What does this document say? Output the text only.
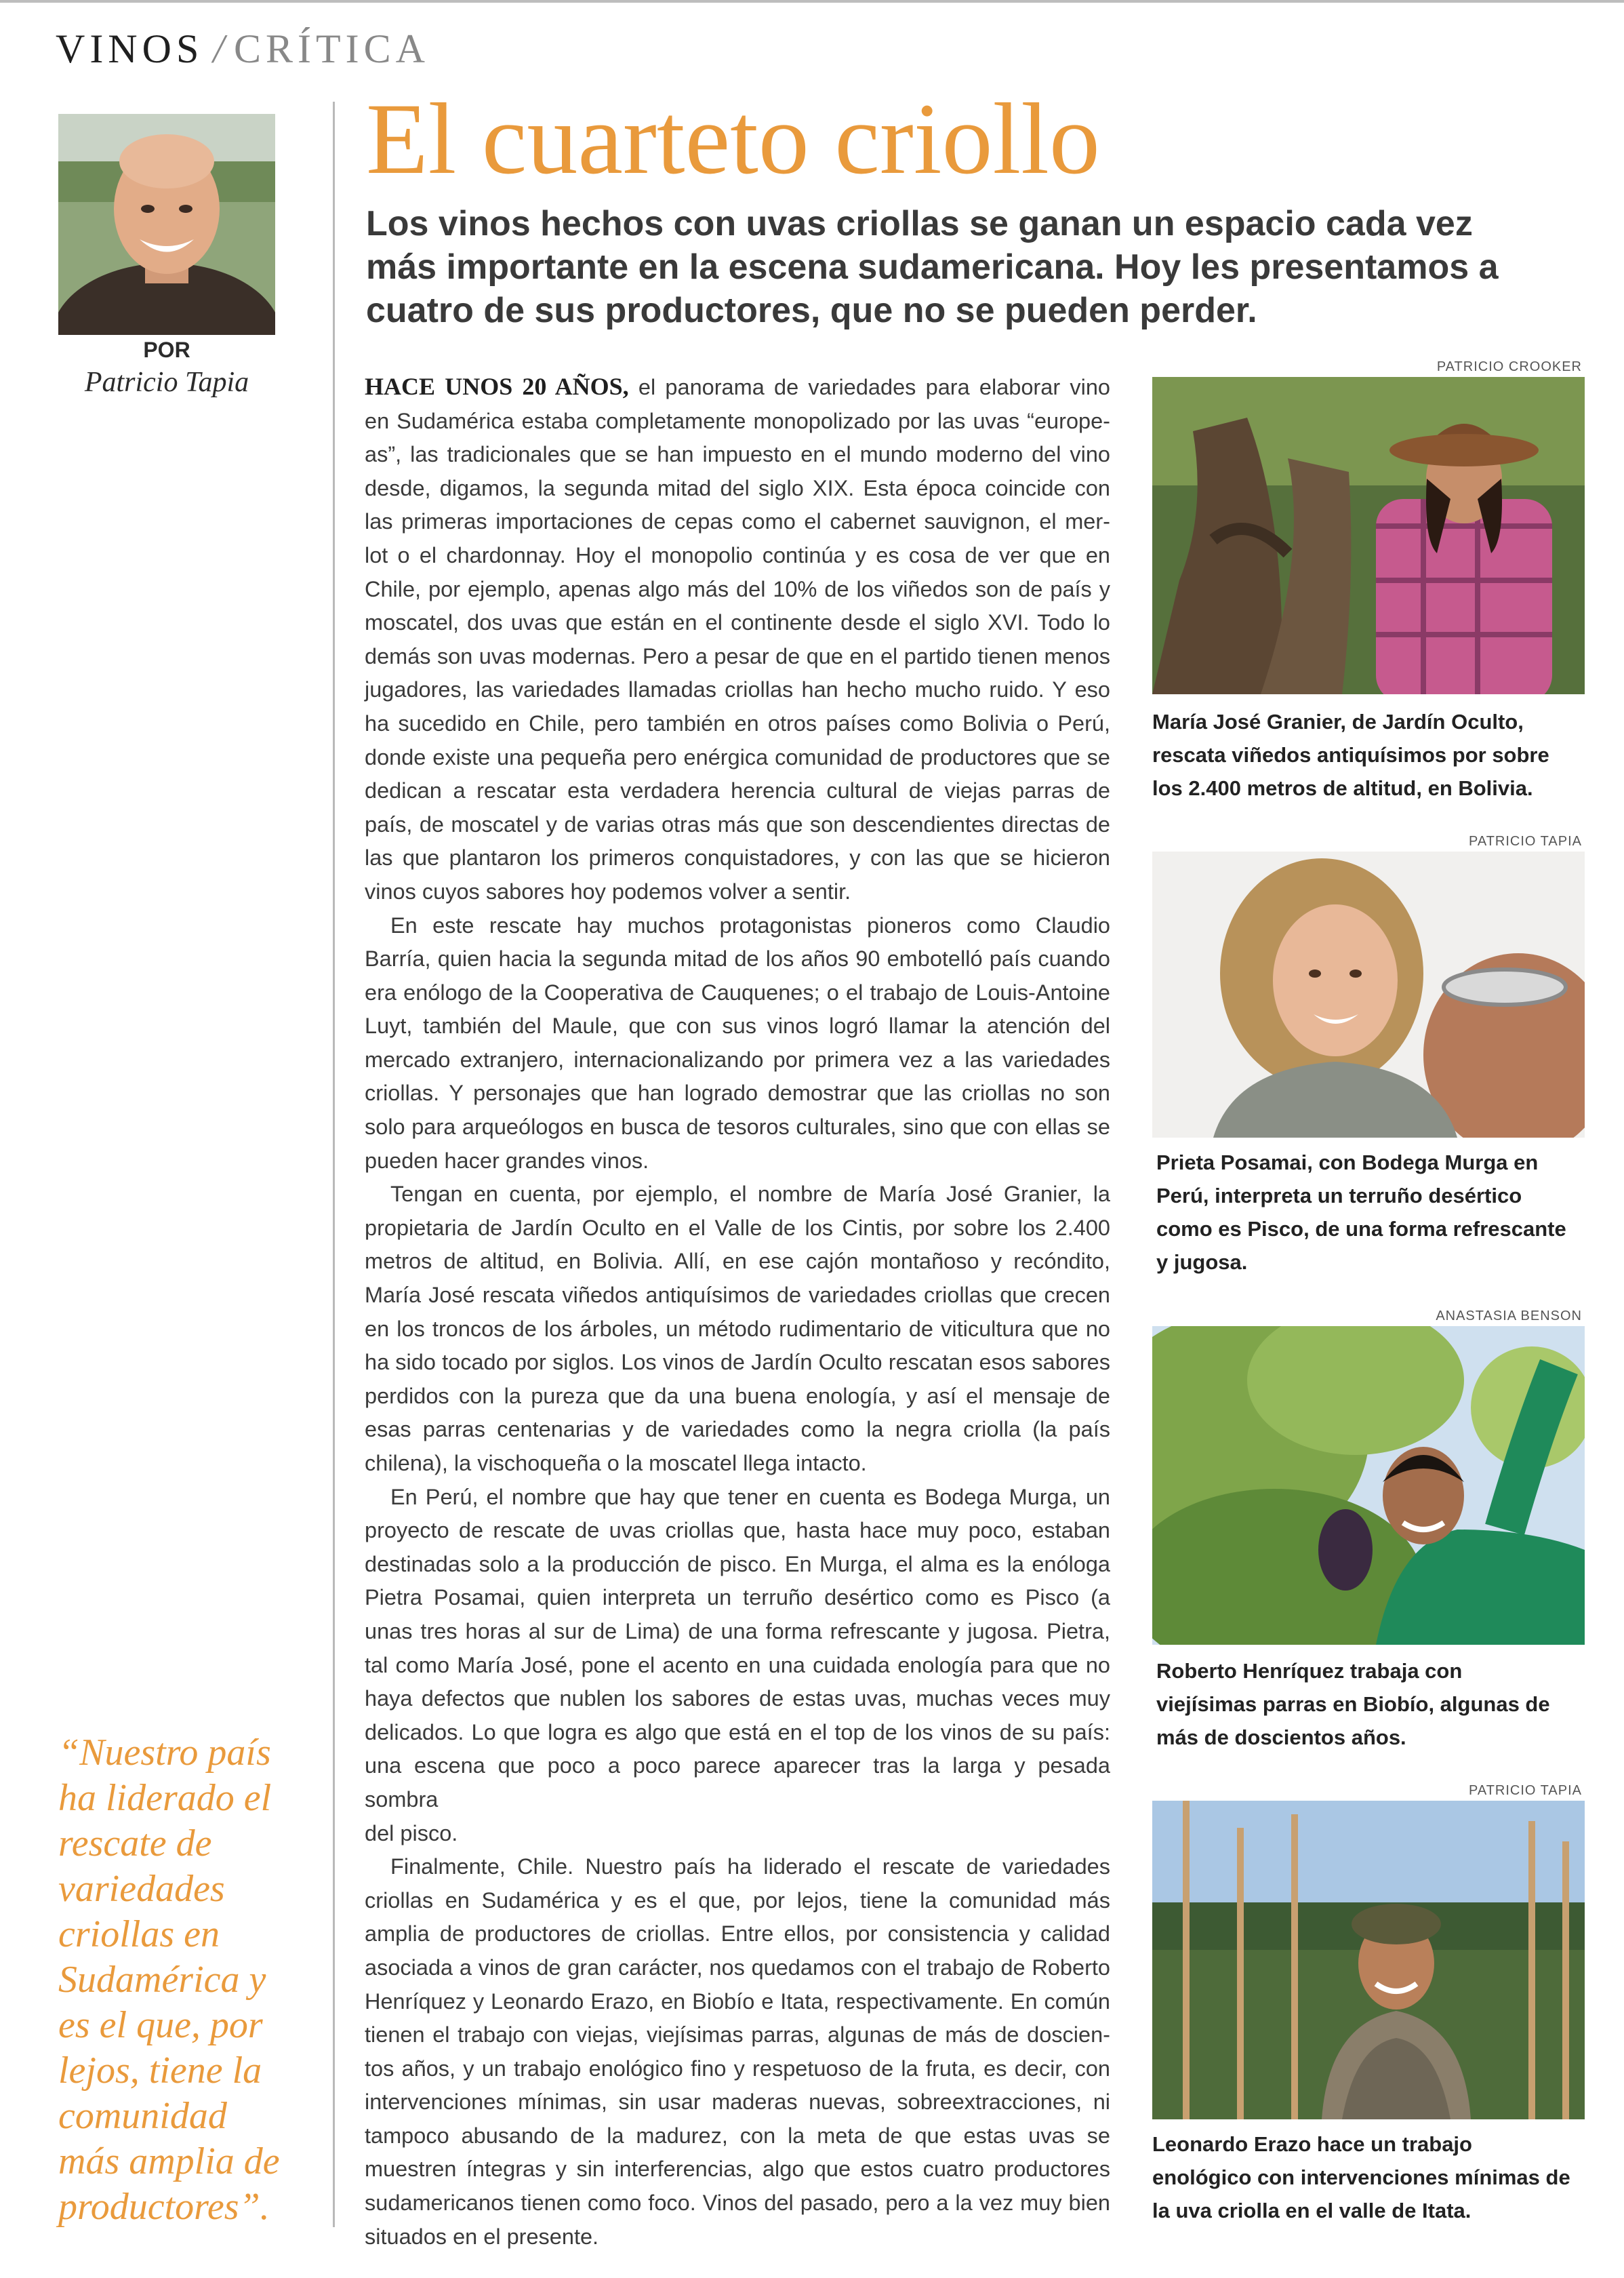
VINOS / CRÍTICA
POR
Patricio Tapia
El cuarteto criollo
Los vinos hechos con uvas criollas se ganan un espacio cada vez
más importante en la escena sudamericana. Hoy les presentamos a
cuatro de sus productores, que no se pueden perder.
HACE UNOS 20 AÑOS, el panorama de variedades para elaborar vino
en Sudamérica estaba completamente monopolizado por las uvas “europe-
as”, las tradicionales que se han impuesto en el mundo moderno del vino
desde, digamos, la segunda mitad del siglo XIX. Esta época coincide con
las primeras importaciones de cepas como el cabernet sauvignon, el mer-
lot o el chardonnay. Hoy el monopolio continúa y es cosa de ver que en
Chile, por ejemplo, apenas algo más del 10% de los viñedos son de país y
moscatel, dos uvas que están en el continente desde el siglo XVI. Todo lo
demás son uvas modernas. Pero a pesar de que en el partido tienen menos
jugadores, las variedades llamadas criollas han hecho mucho ruido. Y eso
ha sucedido en Chile, pero también en otros países como Bolivia o Perú,
donde existe una pequeña pero enérgica comunidad de productores que se
dedican a rescatar esta verdadera herencia cultural de viejas parras de
país, de moscatel y de varias otras más que son descendientes directas de
las que plantaron los primeros conquistadores, y con las que se hicieron
vinos cuyos sabores hoy podemos volver a sentir.
En este rescate hay muchos protagonistas pioneros como Claudio
Barría, quien hacia la segunda mitad de los años 90 embotelló país cuando
era enólogo de la Cooperativa de Cauquenes; o el trabajo de Louis-Antoine
Luyt, también del Maule, que con sus vinos logró llamar la atención del
mercado extranjero, internacionalizando por primera vez a las variedades
criollas. Y personajes que han logrado demostrar que las criollas no son
solo para arqueólogos en busca de tesoros culturales, sino que con ellas se
pueden hacer grandes vinos.
Tengan en cuenta, por ejemplo, el nombre de María José Granier, la
propietaria de Jardín Oculto en el Valle de los Cintis, por sobre los 2.400
metros de altitud, en Bolivia. Allí, en ese cajón montañoso y recóndito,
María José rescata viñedos antiquísimos de variedades criollas que crecen
en los troncos de los árboles, un método rudimentario de viticultura que no
ha sido tocado por siglos. Los vinos de Jardín Oculto rescatan esos sabores
perdidos con la pureza que da una buena enología, y así el mensaje de
esas parras centenarias y de variedades como la negra criolla (la país
chilena), la vischoqueña o la moscatel llega intacto.
En Perú, el nombre que hay que tener en cuenta es Bodega Murga, un
proyecto de rescate de uvas criollas que, hasta hace muy poco, estaban
destinadas solo a la producción de pisco. En Murga, el alma es la enóloga
Pietra Posamai, quien interpreta un terruño desértico como es Pisco (a
unas tres horas al sur de Lima) de una forma refrescante y jugosa. Pietra,
tal como María José, pone el acento en una cuidada enología para que no
haya defectos que nublen los sabores de estas uvas, muchas veces muy
delicados. Lo que logra es algo que está en el top de los vinos de su país:
una escena que poco a poco parece aparecer tras la larga y pesada sombra
del pisco.
Finalmente, Chile. Nuestro país ha liderado el rescate de variedades
criollas en Sudamérica y es el que, por lejos, tiene la comunidad más
amplia de productores de criollas. Entre ellos, por consistencia y calidad
asociada a vinos de gran carácter, nos quedamos con el trabajo de Roberto
Henríquez y Leonardo Erazo, en Biobío e Itata, respectivamente. En común
tienen el trabajo con viejas, viejísimas parras, algunas de más de doscien-
tos años, y un trabajo enológico fino y respetuoso de la fruta, es decir, con
intervenciones mínimas, sin usar maderas nuevas, sobreextracciones, ni
tampoco abusando de la madurez, con la meta de que estas uvas se
muestren íntegras y sin interferencias, algo que estos cuatro productores
sudamericanos tienen como foco. Vinos del pasado, pero a la vez muy bien
situados en el presente.
“Nuestro país
ha liderado el
rescate de
variedades
criollas en
Sudamérica y
es el que, por
lejos, tiene la
comunidad
más amplia de
productores”.
PATRICIO CROOKER
María José Granier, de Jardín Oculto,
rescata viñedos antiquísimos por sobre
los 2.400 metros de altitud, en Bolivia.
PATRICIO TAPIA
Prieta Posamai, con Bodega Murga en
Perú, interpreta un terruño desértico
como es Pisco, de una forma refrescante
y jugosa.
ANASTASIA BENSON
Roberto Henríquez trabaja con
viejísimas parras en Biobío, algunas de
más de doscientos años.
PATRICIO TAPIA
Leonardo Erazo hace un trabajo
enológico con intervenciones mínimas de
la uva criolla en el valle de Itata.
